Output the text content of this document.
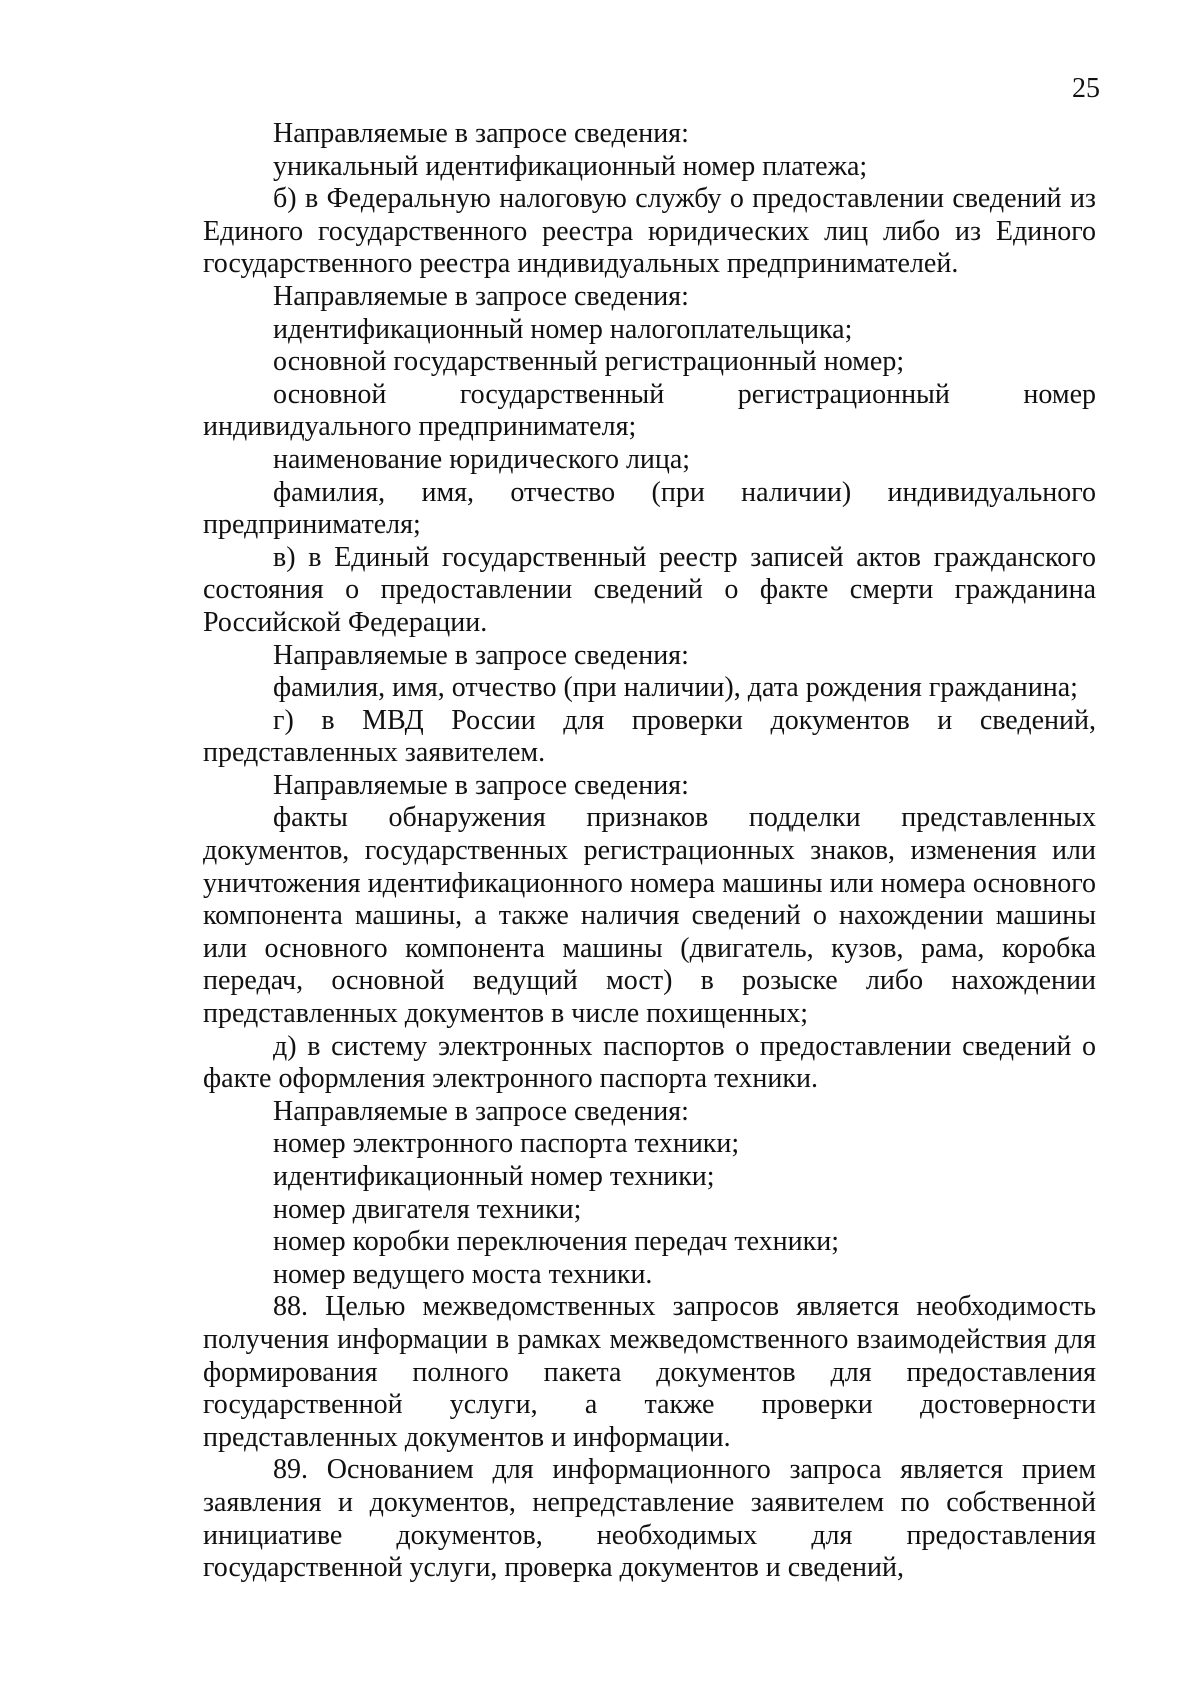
25

Направляемые в запросе сведения:

уникальный идентификационный номер платежа;

б) в Федеральную налоговую службу о предоставлении сведений из Единого государственного реестра юридических лиц либо из Единого государственного реестра индивидуальных предпринимателей.

Направляемые в запросе сведения:

идентификационный номер налогоплательщика;

основной государственный регистрационный номер;

основной государственный регистрационный номер индивидуального предпринимателя;

наименование юридического лица;

фамилия, имя, отчество (при наличии) индивидуального предпринимателя;

в) в Единый государственный реестр записей актов гражданского состояния о предоставлении сведений о факте смерти гражданина Российской Федерации.

Направляемые в запросе сведения:

фамилия, имя, отчество (при наличии), дата рождения гражданина;

г) в МВД России для проверки документов и сведений, представленных заявителем.

Направляемые в запросе сведения:

факты обнаружения признаков подделки представленных документов, государственных регистрационных знаков, изменения или уничтожения идентификационного номера машины или номера основного компонента машины, а также наличия сведений о нахождении машины или основного компонента машины (двигатель, кузов, рама, коробка передач, основной ведущий мост) в розыске либо нахождении представленных документов в числе похищенных;

д) в систему электронных паспортов о предоставлении сведений о факте оформления электронного паспорта техники.

Направляемые в запросе сведения:

номер электронного паспорта техники;

идентификационный номер техники;

номер двигателя техники;

номер коробки переключения передач техники;

номер ведущего моста техники.

88. Целью межведомственных запросов является необходимость получения информации в рамках межведомственного взаимодействия для формирования полного пакета документов для предоставления государственной услуги, а также проверки достоверности представленных документов и информации.

89. Основанием для информационного запроса является прием заявления и документов, непредставление заявителем по собственной инициативе документов, необходимых для предоставления государственной услуги, проверка документов и сведений,
